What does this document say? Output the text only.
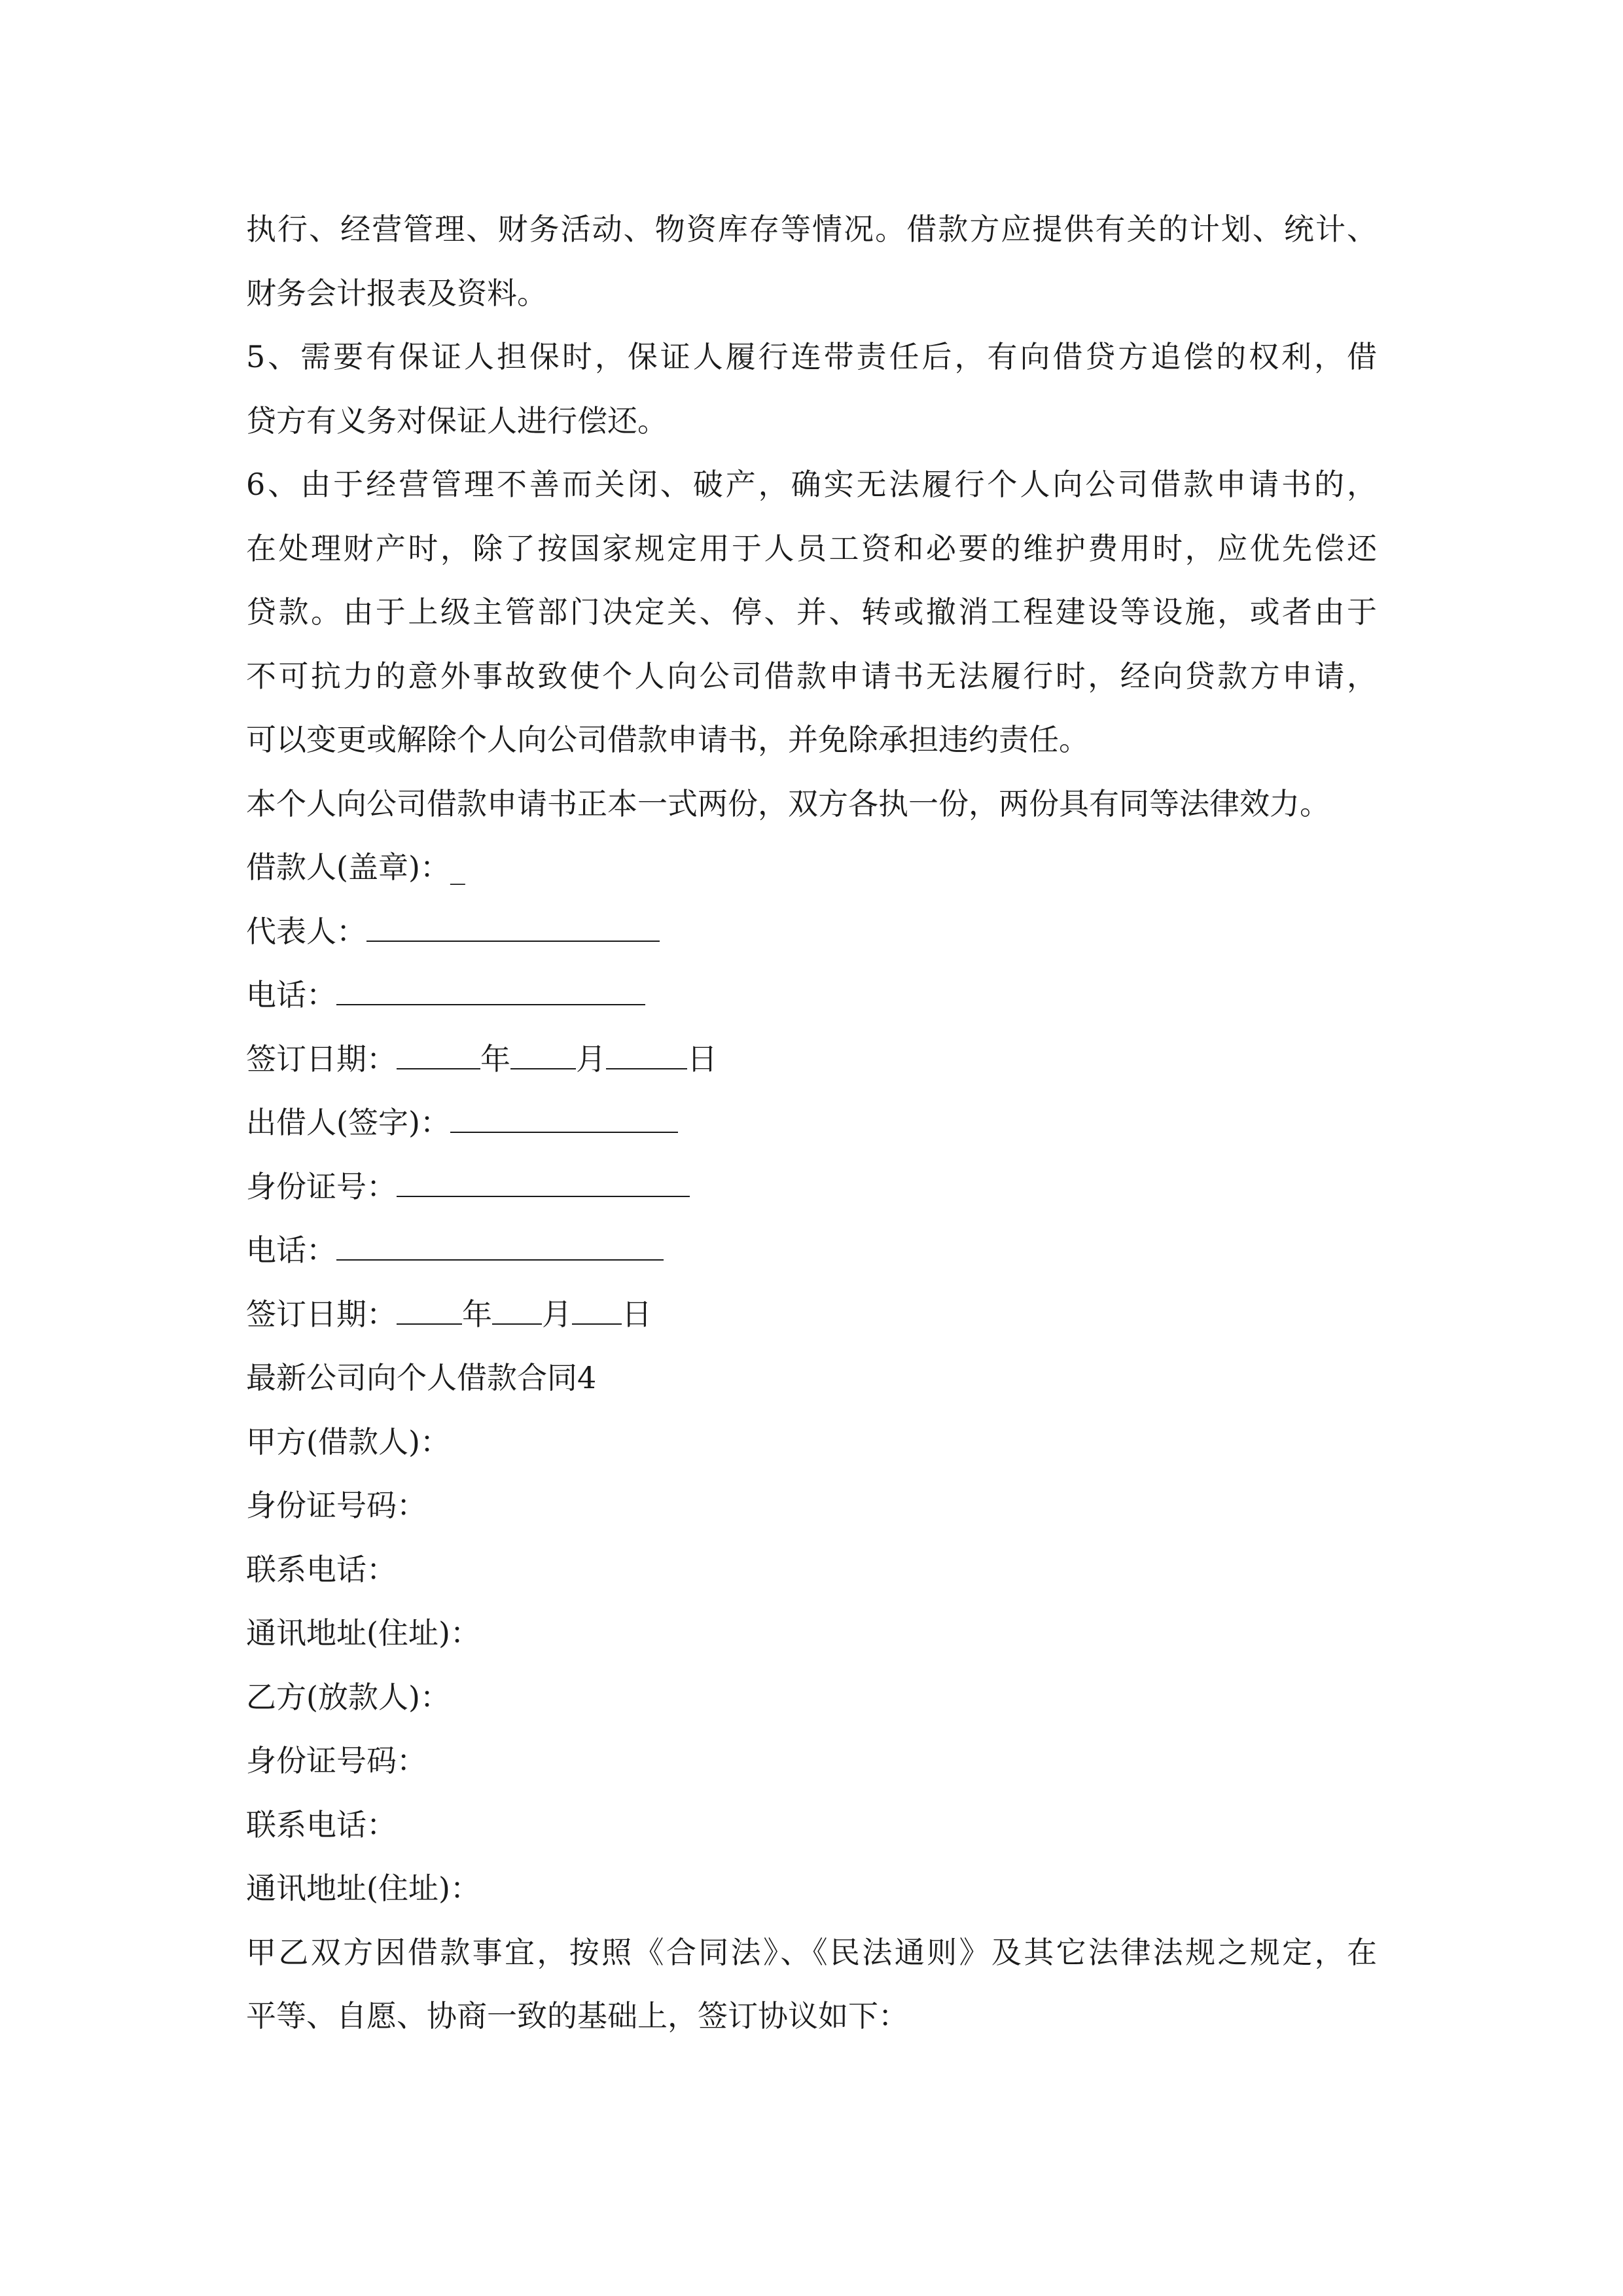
执行、经营管理、财务活动、物资库存等情况。借款方应提供有关的计划、统计、
财务会计报表及资料。
5、需要有保证人担保时，保证人履行连带责任后，有向借贷方追偿的权利，借
贷方有义务对保证人进行偿还。
6、由于经营管理不善而关闭、破产，确实无法履行个人向公司借款申请书的，
在处理财产时，除了按国家规定用于人员工资和必要的维护费用时，应优先偿还
贷款。由于上级主管部门决定关、停、并、转或撤消工程建设等设施，或者由于
不可抗力的意外事故致使个人向公司借款申请书无法履行时，经向贷款方申请，
可以变更或解除个人向公司借款申请书，并免除承担违约责任。
本个人向公司借款申请书正本一式两份，双方各执一份，两份具有同等法律效力。
借款人(盖章)：_
代表人：
电话：
签订日期：	年 月	日
出借人(签字)：
身份证号：
电话：
签订日期： 年 月 日
最新公司向个人借款合同4
甲方(借款人)：
身份证号码：
联系电话：
通讯地址(住址)：
乙方(放款人)：
身份证号码：
联系电话：
通讯地址(住址)：
甲乙双方因借款事宜，按照《合同法》、《民法通则》及其它法律法规之规定，在
平等、自愿、协商一致的基础上，签订协议如下：
